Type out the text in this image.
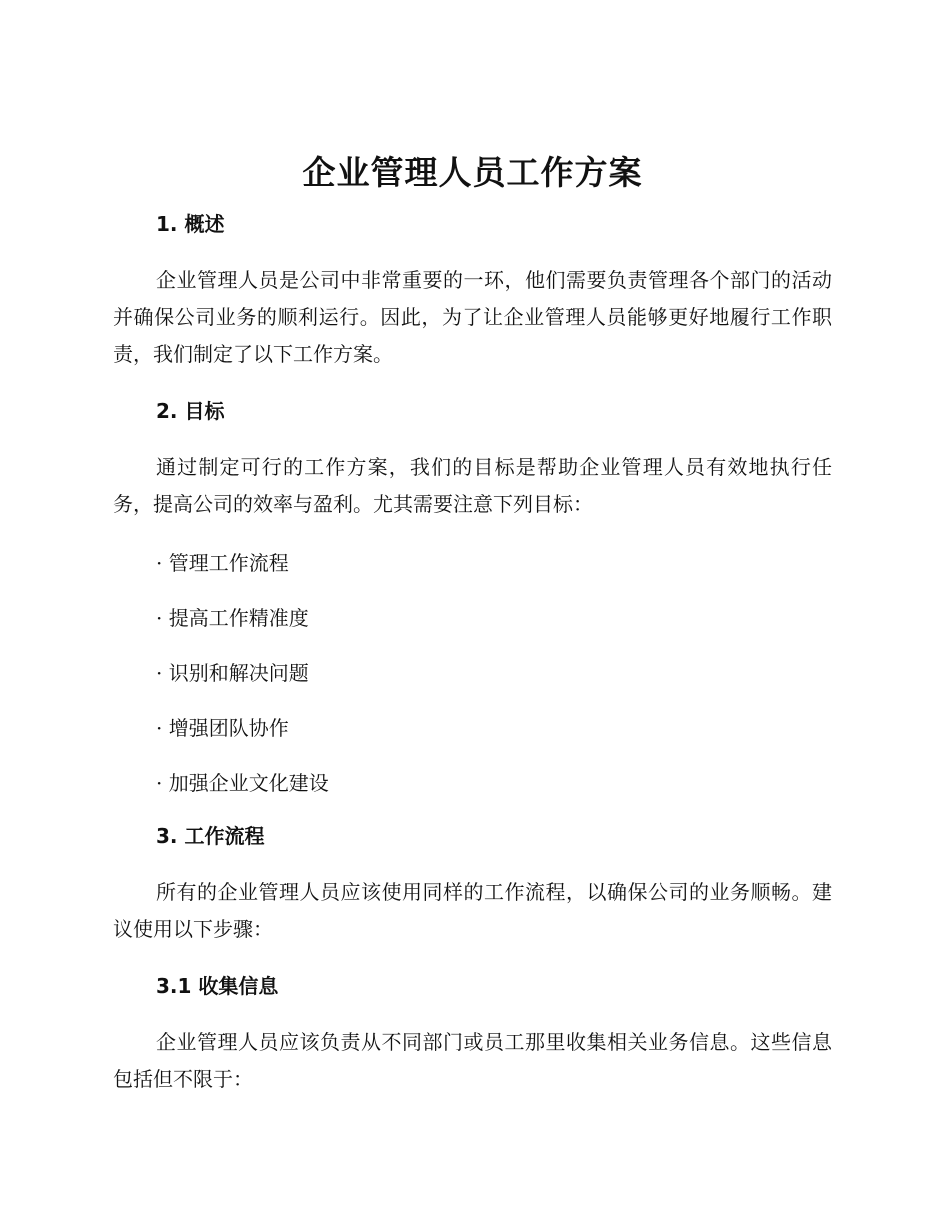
企业管理人员工作方案
1. 概述

企业管理人员是公司中非常重要的一环，他们需要负责管理各个部门的活动并确保公司业务的顺利运行。因此，为了让企业管理人员能够更好地履行工作职责，我们制定了以下工作方案。

2. 目标

通过制定可行的工作方案，我们的目标是帮助企业管理人员有效地执行任务，提高公司的效率与盈利。尤其需要注意下列目标：

· 管理工作流程

· 提高工作精准度

· 识别和解决问题

· 增强团队协作

· 加强企业文化建设

3. 工作流程

所有的企业管理人员应该使用同样的工作流程，以确保公司的业务顺畅。建议使用以下步骤：

3.1 收集信息

企业管理人员应该负责从不同部门或员工那里收集相关业务信息。这些信息包括但不限于：
